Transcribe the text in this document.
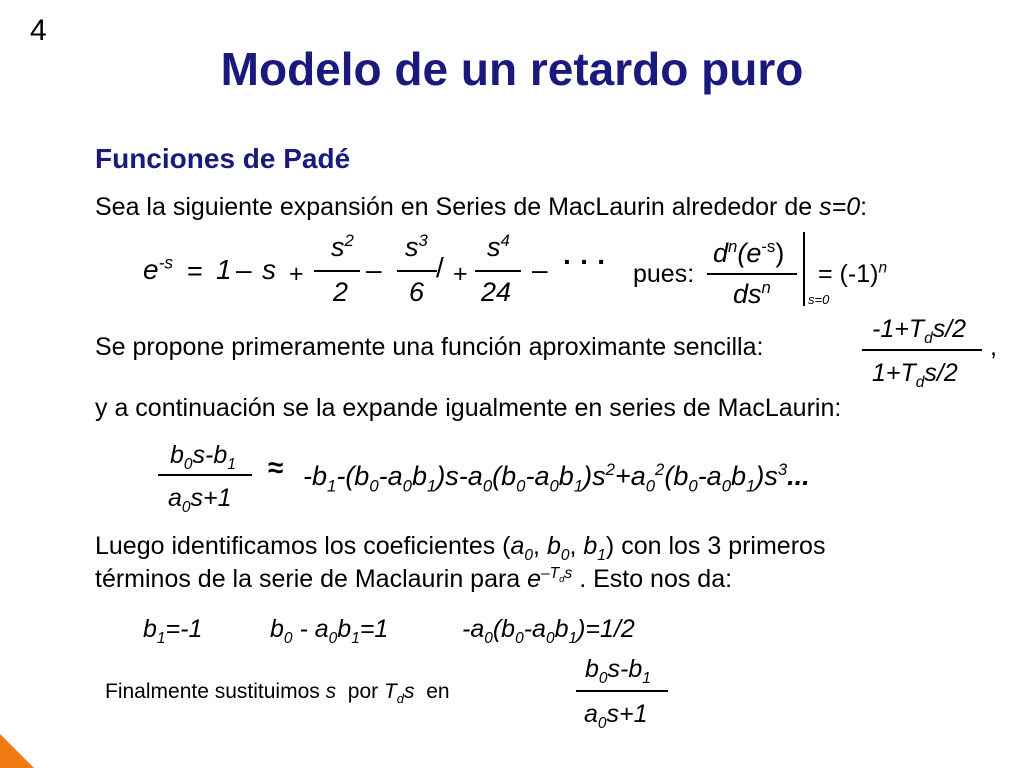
4
Modelo de un retardo puro
Funciones de Padé
Sea la siguiente expansión en Series de MacLaurin alrededor de s=0:
$e^{-s} = 1 - s$ +
$s^2$
2
–
$s^3$
6
/ +
$s^4$
24
– · · · pues:
$d^n(e^{-s})$
$ds^n$
s=0
= $(-1)^n$
Se propone primeramente una función aproximante sencilla:
$-1+T_ds/2$
$1+T_ds/2$
,
y a continuación se la expande igualmente en series de MacLaurin:
$b_0s-b_1$
$a_0s+1$
≈ $-b_1-(b_0-a_0b_1)s-a_0(b_0-a_0b_1)s^2+a_0^2(b_0-a_0b_1)s^3$...
Luego identificamos los coeficientes ($a_0$, $b_0$, $b_1$) con los 3 primeros
términos de la serie de Maclaurin para $e^{-T_ds}$ . Esto nos da:
$b_1=-1$	$b_0 - a_0b_1=1$	$-a_0(b_0-a_0b_1)=1/2$
Finalmente sustituimos s  por $T_ds$  en
$b_0s-b_1$
$a_0s+1$
